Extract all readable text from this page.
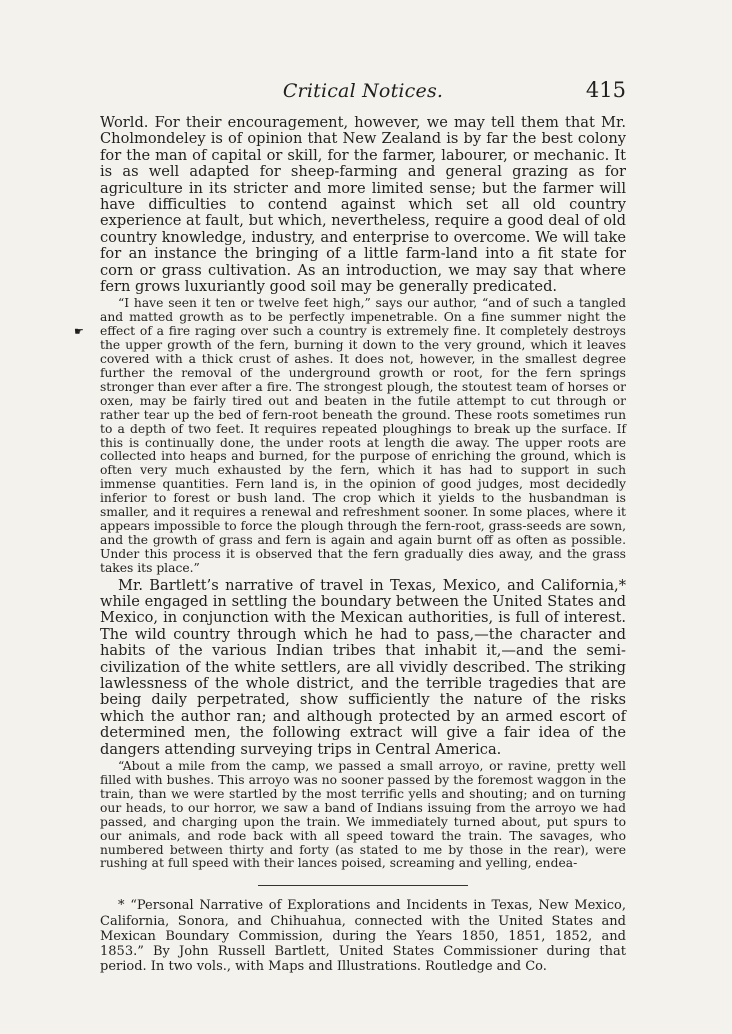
Critical Notices.	415

World. For their encouragement, however, we may tell them that Mr. Cholmondeley is of opinion that New Zealand is by far the best colony for the man of capital or skill, for the farmer, labourer, or mechanic. It is as well adapted for sheep-farming and general grazing as for agriculture in its stricter and more limited sense; but the farmer will have difficulties to contend against which set all old country experience at fault, but which, nevertheless, require a good deal of old country knowledge, industry, and enterprise to overcome. We will take for an instance the bringing of a little farm-land into a fit state for corn or grass cultivation. As an introduction, we may say that where fern grows luxuriantly good soil may be generally predicated.

☛

“I have seen it ten or twelve feet high,” says our author, “and of such a tangled and matted growth as to be perfectly impenetrable. On a fine summer night the effect of a fire raging over such a country is extremely fine. It completely destroys the upper growth of the fern, burning it down to the very ground, which it leaves covered with a thick crust of ashes. It does not, however, in the smallest degree further the removal of the underground growth or root, for the fern springs stronger than ever after a fire. The strongest plough, the stoutest team of horses or oxen, may be fairly tired out and beaten in the futile attempt to cut through or rather tear up the bed of fern-root beneath the ground. These roots sometimes run to a depth of two feet. It requires repeated ploughings to break up the surface. If this is continually done, the under roots at length die away. The upper roots are collected into heaps and burned, for the purpose of enriching the ground, which is often very much exhausted by the fern, which it has had to support in such immense quantities. Fern land is, in the opinion of good judges, most decidedly inferior to forest or bush land. The crop which it yields to the husbandman is smaller, and it requires a renewal and refreshment sooner. In some places, where it appears impossible to force the plough through the fern-root, grass-seeds are sown, and the growth of grass and fern is again and again burnt off as often as possible. Under this process it is observed that the fern gradually dies away, and the grass takes its place.”

Mr. Bartlett’s narrative of travel in Texas, Mexico, and California,* while engaged in settling the boundary between the United States and Mexico, in conjunction with the Mexican authorities, is full of interest. The wild country through which he had to pass,—the character and habits of the various Indian tribes that inhabit it,—and the semi-civilization of the white settlers, are all vividly described. The striking lawlessness of the whole district, and the terrible tragedies that are being daily perpetrated, show sufficiently the nature of the risks which the author ran; and although protected by an armed escort of determined men, the following extract will give a fair idea of the dangers attending surveying trips in Central America.

“About a mile from the camp, we passed a small arroyo, or ravine, pretty well filled with bushes. This arroyo was no sooner passed by the foremost waggon in the train, than we were startled by the most terrific yells and shouting; and on turning our heads, to our horror, we saw a band of Indians issuing from the arroyo we had passed, and charging upon the train. We immediately turned about, put spurs to our animals, and rode back with all speed toward the train. The savages, who numbered between thirty and forty (as stated to me by those in the rear), were rushing at full speed with their lances poised, screaming and yelling, endea-

* “Personal Narrative of Explorations and Incidents in Texas, New Mexico, California, Sonora, and Chihuahua, connected with the United States and Mexican Boundary Commission, during the Years 1850, 1851, 1852, and 1853.” By John Russell Bartlett, United States Commissioner during that period. In two vols., with Maps and Illustrations. Routledge and Co.
